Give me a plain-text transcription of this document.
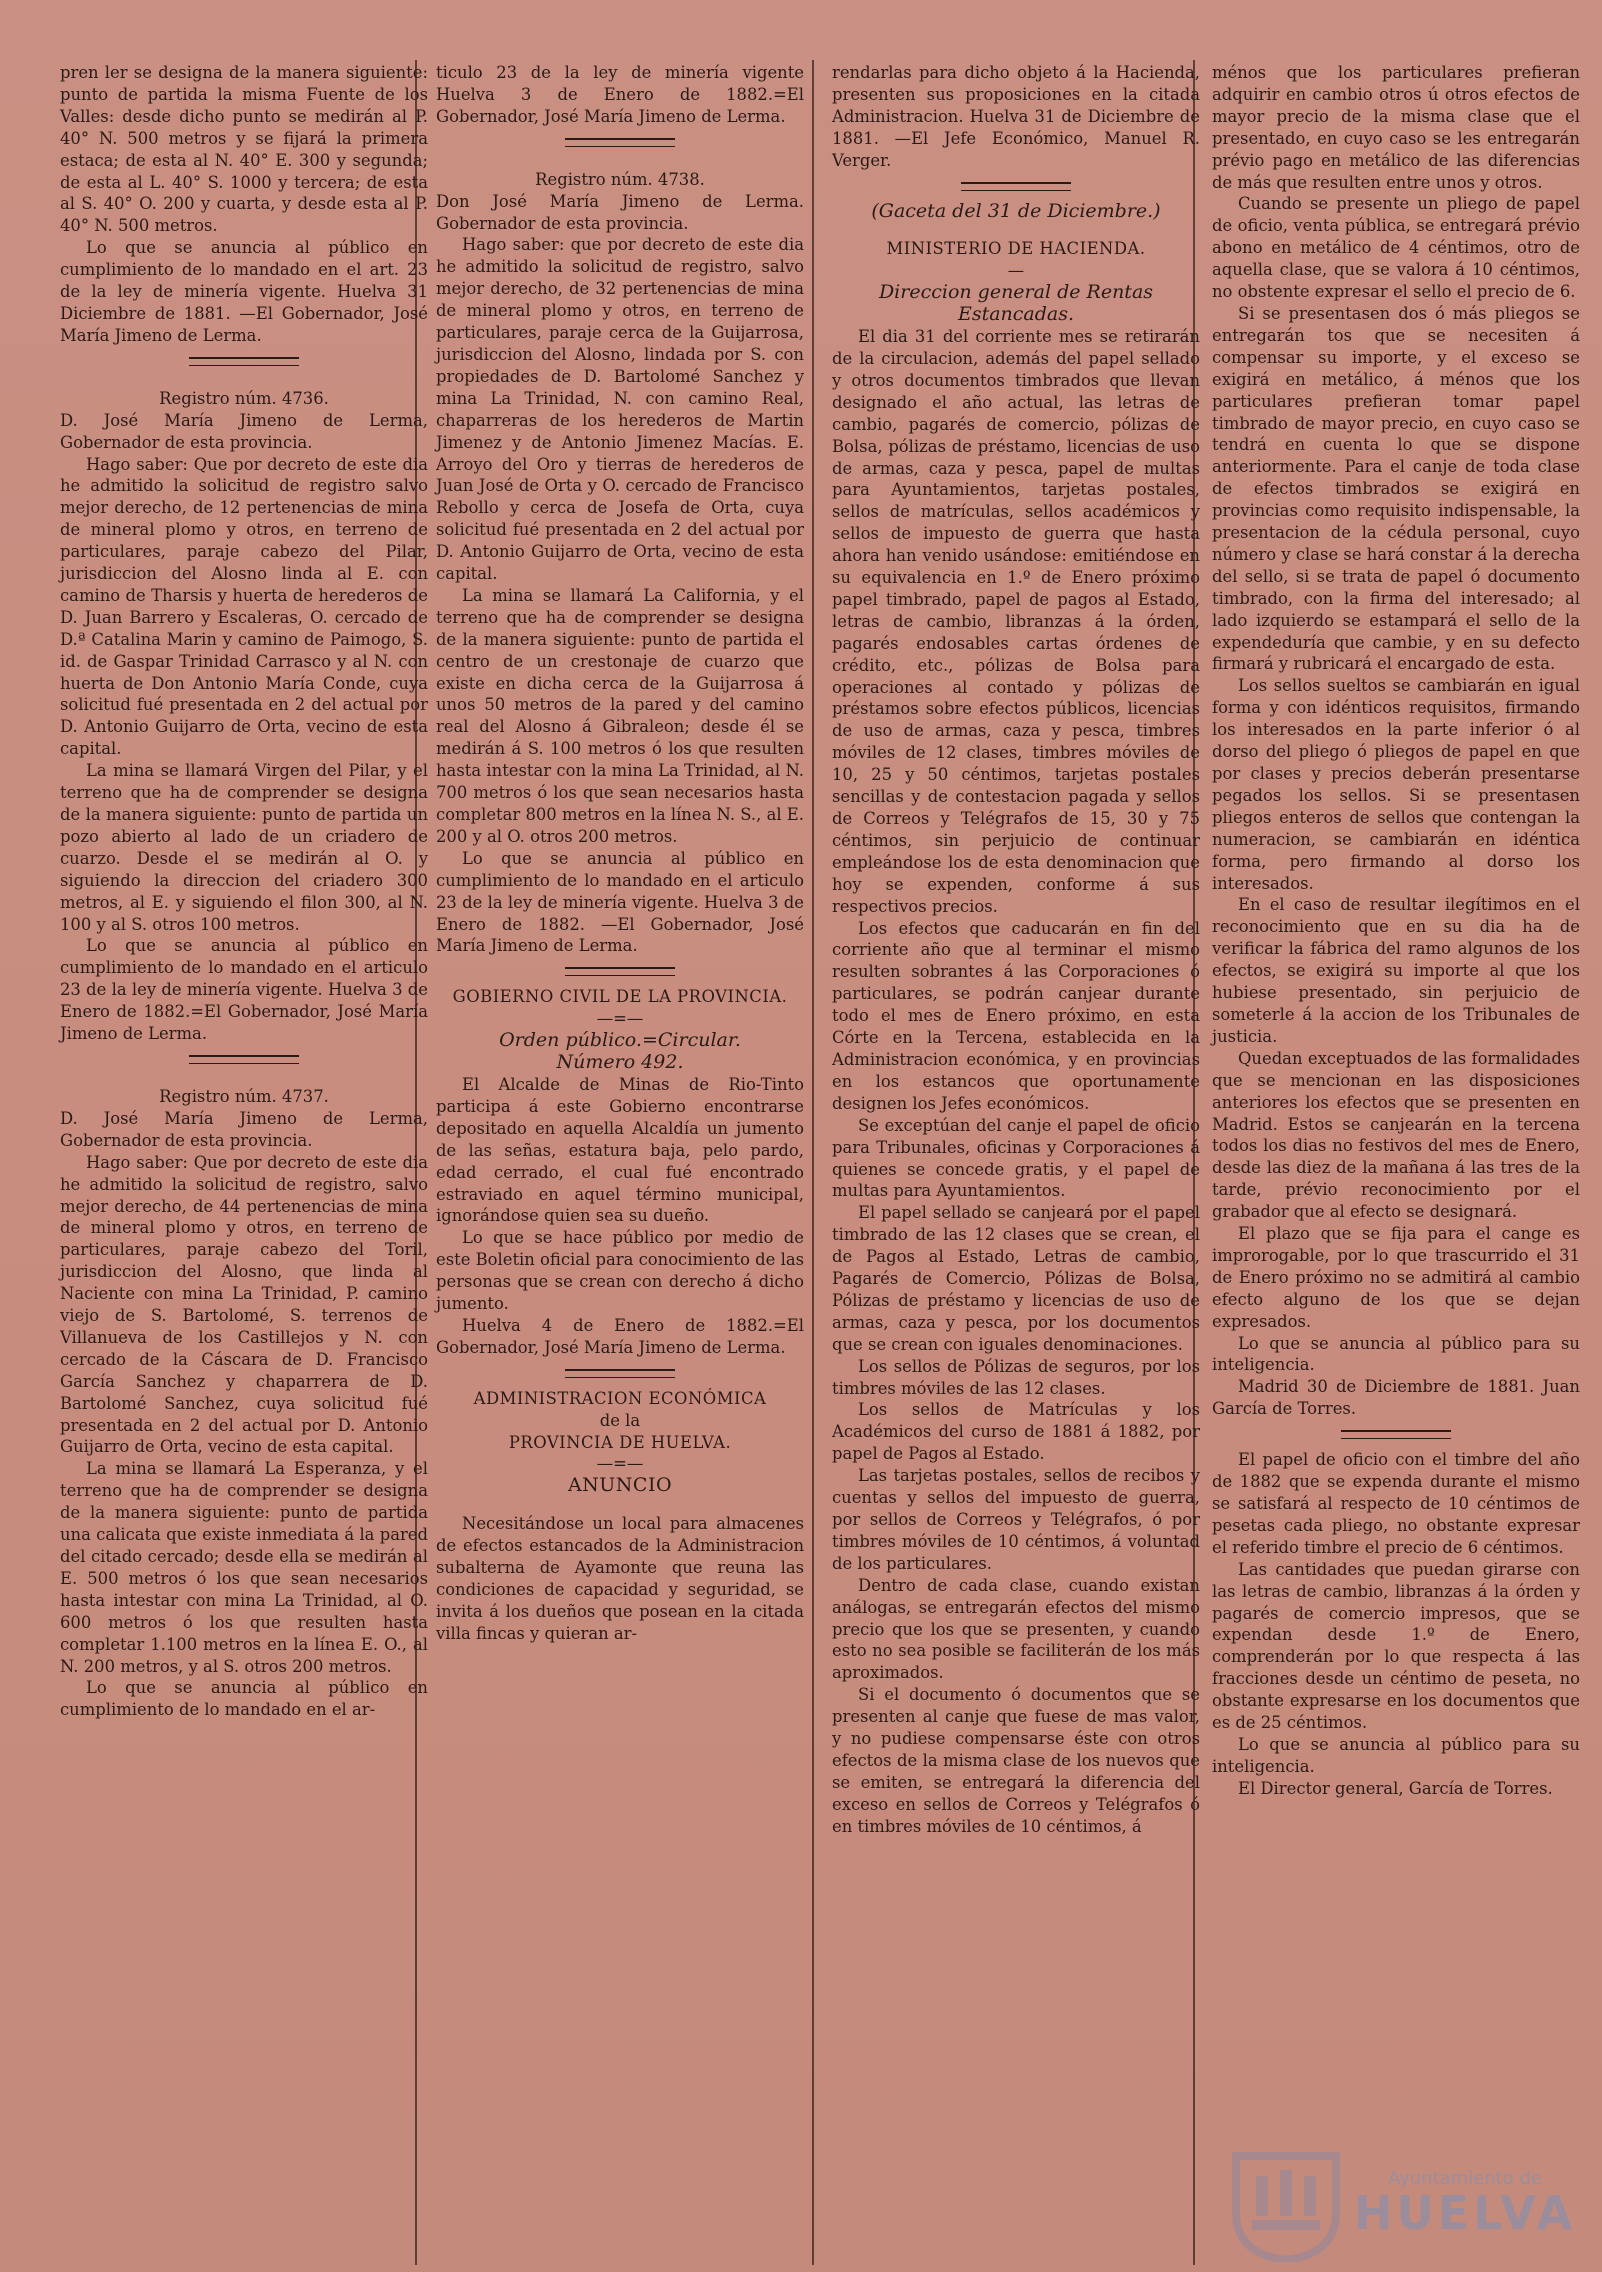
pren ler se designa de la manera siguiente: punto de partida la misma Fuente de los Valles: desde dicho punto se medirán al P. 40° N. 500 metros y se fijará la primera estaca; de esta al N. 40° E. 300 y segunda; de esta al L. 40° S. 1000 y tercera; de esta al S. 40° O. 200 y cuarta, y desde esta al P. 40° N. 500 metros.

Lo que se anuncia al público en cumplimiento de lo mandado en el art. 23 de la ley de minería vigente. Huelva 31 Diciembre de 1881. —El Gobernador, José María Jimeno de Lerma.

Registro núm. 4736.

D. José María Jimeno de Lerma, Gobernador de esta provincia.

Hago saber: Que por decreto de este dia he admitido la solicitud de registro salvo mejor derecho, de 12 pertenencias de mina de mineral plomo y otros, en terreno de particulares, paraje cabezo del Pilar, jurisdiccion del Alosno linda al E. con camino de Tharsis y huerta de herederos de D. Juan Barrero y Escaleras, O. cercado de D.ª Catalina Marin y camino de Paimogo, S. id. de Gaspar Trinidad Carrasco y al N. con huerta de Don Antonio María Conde, cuya solicitud fué presentada en 2 del actual por D. Antonio Guijarro de Orta, vecino de esta capital.

La mina se llamará Virgen del Pilar, y el terreno que ha de comprender se designa de la manera siguiente: punto de partida un pozo abierto al lado de un criadero de cuarzo. Desde el se medirán al O. y siguiendo la direccion del criadero 300 metros, al E. y siguiendo el filon 300, al N. 100 y al S. otros 100 metros.

Lo que se anuncia al público en cumplimiento de lo mandado en el articulo 23 de la ley de minería vigente. Huelva 3 de Enero de 1882.=El Gobernador, José María Jimeno de Lerma.

Registro núm. 4737.

D. José María Jimeno de Lerma, Gobernador de esta provincia.

Hago saber: Que por decreto de este dia he admitido la solicitud de registro, salvo mejor derecho, de 44 pertenencias de mina de mineral plomo y otros, en terreno de particulares, paraje cabezo del Toril, jurisdiccion del Alosno, que linda al Naciente con mina La Trinidad, P. camino viejo de S. Bartolomé, S. terrenos de Villanueva de los Castillejos y N. con cercado de la Cáscara de D. Francisco García Sanchez y chaparrera de D. Bartolomé Sanchez, cuya solicitud fué presentada en 2 del actual por D. Antonio Guijarro de Orta, vecino de esta capital.

La mina se llamará La Esperanza, y el terreno que ha de comprender se designa de la manera siguiente: punto de partida una calicata que existe inmediata á la pared del citado cercado; desde ella se medirán al E. 500 metros ó los que sean necesarios hasta intestar con mina La Trinidad, al O. 600 metros ó los que resulten hasta completar 1.100 metros en la línea E. O., al N. 200 metros, y al S. otros 200 metros.

Lo que se anuncia al público en cumplimiento de lo mandado en el ar-

ticulo 23 de la ley de minería vigente Huelva 3 de Enero de 1882.=El Gobernador, José María Jimeno de Lerma.

Registro núm. 4738.

Don José María Jimeno de Lerma. Gobernador de esta provincia.

Hago saber: que por decreto de este dia he admitido la solicitud de registro, salvo mejor derecho, de 32 pertenencias de mina de mineral plomo y otros, en terreno de particulares, paraje cerca de la Guijarrosa, jurisdiccion del Alosno, lindada por S. con propiedades de D. Bartolomé Sanchez y mina La Trinidad, N. con camino Real, chaparreras de los herederos de Martin Jimenez y de Antonio Jimenez Macías. E. Arroyo del Oro y tierras de herederos de Juan José de Orta y O. cercado de Francisco Rebollo y cerca de Josefa de Orta, cuya solicitud fué presentada en 2 del actual por D. Antonio Guijarro de Orta, vecino de esta capital.

La mina se llamará La California, y el terreno que ha de comprender se designa de la manera siguiente: punto de partida el centro de un crestonaje de cuarzo que existe en dicha cerca de la Guijarrosa á unos 50 metros de la pared y del camino real del Alosno á Gibraleon; desde él se medirán á S. 100 metros ó los que resulten hasta intestar con la mina La Trinidad, al N. 700 metros ó los que sean necesarios hasta completar 800 metros en la línea N. S., al E. 200 y al O. otros 200 metros.

Lo que se anuncia al público en cumplimiento de lo mandado en el articulo 23 de la ley de minería vigente. Huelva 3 de Enero de 1882. —El Gobernador, José María Jimeno de Lerma.

GOBIERNO CIVIL DE LA PROVINCIA.

—=—

Orden público.=Circular.

Número 492.

El Alcalde de Minas de Rio-Tinto participa á este Gobierno encontrarse depositado en aquella Alcaldía un jumento de las señas, estatura baja, pelo pardo, edad cerrado, el cual fué encontrado estraviado en aquel término municipal, ignorándose quien sea su dueño.

Lo que se hace público por medio de este Boletin oficial para conocimiento de las personas que se crean con derecho á dicho jumento.

Huelva 4 de Enero de 1882.=El Gobernador, José María Jimeno de Lerma.

ADMINISTRACION ECONÓMICA

de la

PROVINCIA DE HUELVA.

—=—

ANUNCIO

Necesitándose un local para almacenes de efectos estancados de la Administracion subalterna de Ayamonte que reuna las condiciones de capacidad y seguridad, se invita á los dueños que posean en la citada villa fincas y quieran ar-

rendarlas para dicho objeto á la Hacienda, presenten sus proposiciones en la citada Administracion. Huelva 31 de Diciembre de 1881. —El Jefe Económico, Manuel R. Verger.

(Gaceta del 31 de Diciembre.)

MINISTERIO DE HACIENDA.

—

Direccion general de Rentas Estancadas.

El dia 31 del corriente mes se retirarán de la circulacion, además del papel sellado y otros documentos timbrados que llevan designado el año actual, las letras de cambio, pagarés de comercio, pólizas de Bolsa, pólizas de préstamo, licencias de uso de armas, caza y pesca, papel de multas para Ayuntamientos, tarjetas postales, sellos de matrículas, sellos académicos y sellos de impuesto de guerra que hasta ahora han venido usándose: emitiéndose en su equivalencia en 1.º de Enero próximo papel timbrado, papel de pagos al Estado, letras de cambio, libranzas á la órden, pagarés endosables cartas órdenes de crédito, etc., pólizas de Bolsa para operaciones al contado y pólizas de préstamos sobre efectos públicos, licencias de uso de armas, caza y pesca, timbres móviles de 12 clases, timbres móviles de 10, 25 y 50 céntimos, tarjetas postales sencillas y de contestacion pagada y sellos de Correos y Telégrafos de 15, 30 y 75 céntimos, sin perjuicio de continuar empleándose los de esta denominacion que hoy se expenden, conforme á sus respectivos precios.

Los efectos que caducarán en fin del corriente año que al terminar el mismo resulten sobrantes á las Corporaciones ó particulares, se podrán canjear durante todo el mes de Enero próximo, en esta Córte en la Tercena, establecida en la Administracion económica, y en provincias en los estancos que oportunamente designen los Jefes económicos.

Se exceptúan del canje el papel de oficio para Tribunales, oficinas y Corporaciones á quienes se concede gratis, y el papel de multas para Ayuntamientos.

El papel sellado se canjeará por el papel timbrado de las 12 clases que se crean, el de Pagos al Estado, Letras de cambio, Pagarés de Comercio, Pólizas de Bolsa, Pólizas de préstamo y licencias de uso de armas, caza y pesca, por los documentos que se crean con iguales denominaciones.

Los sellos de Pólizas de seguros, por los timbres móviles de las 12 clases.

Los sellos de Matrículas y los Académicos del curso de 1881 á 1882, por papel de Pagos al Estado.

Las tarjetas postales, sellos de recibos y cuentas y sellos del impuesto de guerra, por sellos de Correos y Telégrafos, ó por timbres móviles de 10 céntimos, á voluntad de los particulares.

Dentro de cada clase, cuando existan análogas, se entregarán efectos del mismo precio que los que se presenten, y cuando esto no sea posible se faciliterán de los más aproximados.

Si el documento ó documentos que se presenten al canje que fuese de mas valor, y no pudiese compensarse éste con otros efectos de la misma clase de los nuevos que se emiten, se entregará la diferencia del exceso en sellos de Correos y Telégrafos ó en timbres móviles de 10 céntimos, á

ménos que los particulares prefieran adquirir en cambio otros ú otros efectos de mayor precio de la misma clase que el presentado, en cuyo caso se les entregarán prévio pago en metálico de las diferencias de más que resulten entre unos y otros.

Cuando se presente un pliego de papel de oficio, venta pública, se entregará prévio abono en metálico de 4 céntimos, otro de aquella clase, que se valora á 10 céntimos, no obstente expresar el sello el precio de 6.

Si se presentasen dos ó más pliegos se entregarán tos que se necesiten á compensar su importe, y el exceso se exigirá en metálico, á ménos que los particulares prefieran tomar papel timbrado de mayor precio, en cuyo caso se tendrá en cuenta lo que se dispone anteriormente. Para el canje de toda clase de efectos timbrados se exigirá en provincias como requisito indispensable, la presentacion de la cédula personal, cuyo número y clase se hará constar á la derecha del sello, si se trata de papel ó documento timbrado, con la firma del interesado; al lado izquierdo se estampará el sello de la expendeduría que cambie, y en su defecto firmará y rubricará el encargado de esta.

Los sellos sueltos se cambiarán en igual forma y con idénticos requisitos, firmando los interesados en la parte inferior ó al dorso del pliego ó pliegos de papel en que por clases y precios deberán presentarse pegados los sellos. Si se presentasen pliegos enteros de sellos que contengan la numeracion, se cambiarán en idéntica forma, pero firmando al dorso los interesados.

En el caso de resultar ilegítimos en el reconocimiento que en su dia ha de verificar la fábrica del ramo algunos de los efectos, se exigirá su importe al que los hubiese presentado, sin perjuicio de someterle á la accion de los Tribunales de justicia.

Quedan exceptuados de las formalidades que se mencionan en las disposiciones anteriores los efectos que se presenten en Madrid. Estos se canjearán en la tercena todos los dias no festivos del mes de Enero, desde las diez de la mañana á las tres de la tarde, prévio reconocimiento por el grabador que al efecto se designará.

El plazo que se fija para el cange es improrogable, por lo que trascurrido el 31 de Enero próximo no se admitirá al cambio efecto alguno de los que se dejan expresados.

Lo que se anuncia al público para su inteligencia.

Madrid 30 de Diciembre de 1881. Juan García de Torres.

El papel de oficio con el timbre del año de 1882 que se expenda durante el mismo se satisfará al respecto de 10 céntimos de pesetas cada pliego, no obstante expresar el referido timbre el precio de 6 céntimos.

Las cantidades que puedan girarse con las letras de cambio, libranzas á la órden y pagarés de comercio impresos, que se expendan desde 1.º de Enero, comprenderán por lo que respecta á las fracciones desde un céntimo de peseta, no obstante expresarse en los documentos que es de 25 céntimos.

Lo que se anuncia al público para su inteligencia.

El Director general, García de Torres.

Ayuntamiento de
HUELVA
